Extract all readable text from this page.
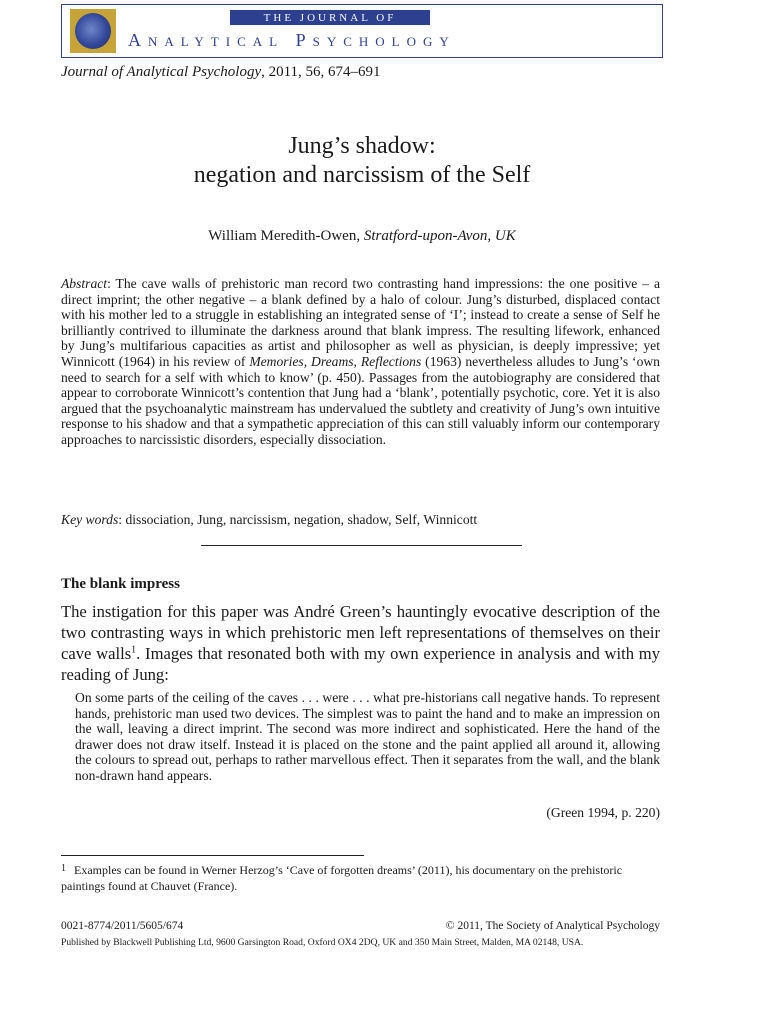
THE JOURNAL OF
Analytical Psychology
Journal of Analytical Psychology, 2011, 56, 674–691
Jung’s shadow:
negation and narcissism of the Self
William Meredith-Owen, Stratford-upon-Avon, UK

Abstract: The cave walls of prehistoric man record two contrasting hand impressions: the one positive – a direct imprint; the other negative – a blank defined by a halo of colour. Jung’s disturbed, displaced contact with his mother led to a struggle in establishing an integrated sense of ‘I’; instead to create a sense of Self he brilliantly contrived to illuminate the darkness around that blank impress. The resulting lifework, enhanced by Jung’s multifarious capacities as artist and philosopher as well as physician, is deeply impressive; yet Winnicott (1964) in his review of Memories, Dreams, Reflections (1963) nevertheless alludes to Jung’s ‘own need to search for a self with which to know’ (p. 450). Passages from the autobiography are considered that appear to corroborate Winnicott’s contention that Jung had a ‘blank’, potentially psychotic, core. Yet it is also argued that the psychoanalytic mainstream has undervalued the subtlety and creativity of Jung’s own intuitive response to his shadow and that a sympathetic appreciation of this can still valuably inform our contemporary approaches to narcissistic disorders, especially dissociation.

Key words: dissociation, Jung, narcissism, negation, shadow, Self, Winnicott
The blank impress

The instigation for this paper was André Green’s hauntingly evocative description of the two contrasting ways in which prehistoric men left representations of themselves on their cave walls$^1$. Images that resonated both with my own experience in analysis and with my reading of Jung:

On some parts of the ceiling of the caves . . . were . . . what pre-historians call negative hands. To represent hands, prehistoric man used two devices. The simplest was to paint the hand and to make an impression on the wall, leaving a direct imprint. The second was more indirect and sophisticated. Here the hand of the drawer does not draw itself. Instead it is placed on the stone and the paint applied all around it, allowing the colours to spread out, perhaps to rather marvellous effect. Then it separates from the wall, and the blank non-drawn hand appears.

(Green 1994, p. 220)

$^1$ Examples can be found in Werner Herzog’s ‘Cave of forgotten dreams’ (2011), his documentary on the prehistoric paintings found at Chauvet (France).

0021-8774/2011/5605/674	© 2011, The Society of Analytical Psychology
Published by Blackwell Publishing Ltd, 9600 Garsington Road, Oxford OX4 2DQ, UK and 350 Main Street, Malden, MA 02148, USA.
